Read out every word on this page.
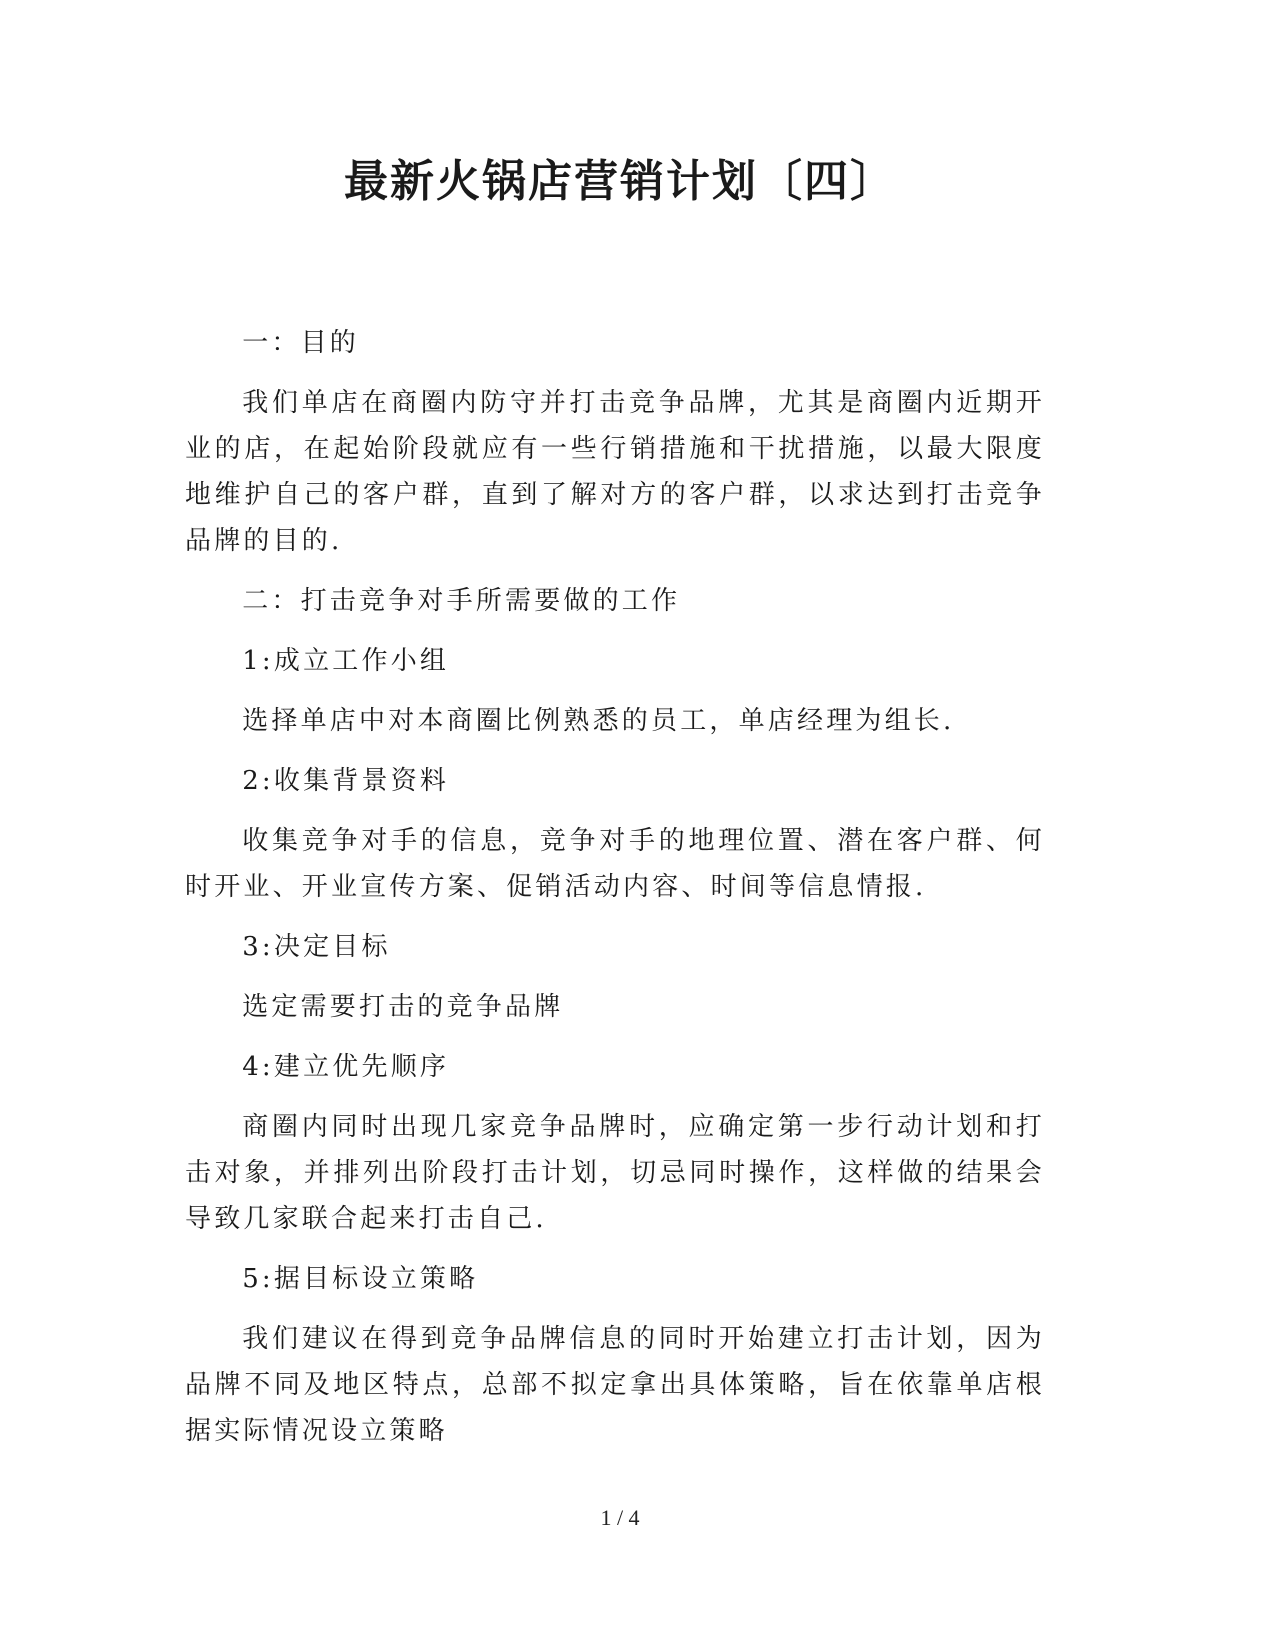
最新火锅店营销计划〔四〕

一：目的

我们单店在商圈内防守并打击竞争品牌，尤其是商圈内近期开业的店，在起始阶段就应有一些行销措施和干扰措施，以最大限度地维护自己的客户群，直到了解对方的客户群，以求达到打击竞争品牌的目的.

二：打击竞争对手所需要做的工作

1:成立工作小组

选择单店中对本商圈比例熟悉的员工，单店经理为组长.

2:收集背景资料

收集竞争对手的信息，竞争对手的地理位置、潜在客户群、何时开业、开业宣传方案、促销活动内容、时间等信息情报.

3:决定目标

选定需要打击的竞争品牌

4:建立优先顺序

商圈内同时出现几家竞争品牌时，应确定第一步行动计划和打击对象，并排列出阶段打击计划，切忌同时操作，这样做的结果会导致几家联合起来打击自己.

5:据目标设立策略

我们建议在得到竞争品牌信息的同时开始建立打击计划，因为品牌不同及地区特点，总部不拟定拿出具体策略，旨在依靠单店根据实际情况设立策略

1 / 4
